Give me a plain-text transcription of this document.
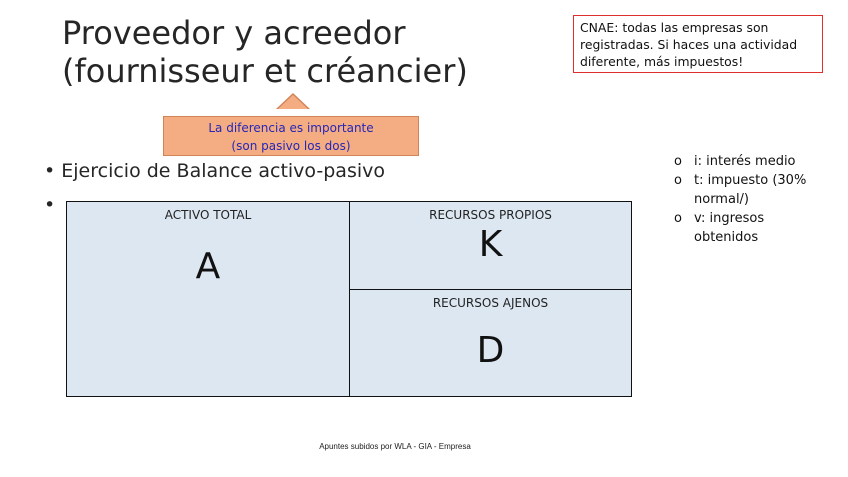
Proveedor y acreedor
(fournisseur et créancier)
CNAE: todas las empresas son
registradas. Si haces una actividad
diferente, más impuestos!
La diferencia es importante
(son pasivo los dos)
• Ejercicio de Balance activo-pasivo
•
o i: interés medio
o t: impuesto (30% normal/)
o v: ingresos obtenidos
ACTIVO TOTAL
A
RECURSOS PROPIOS
K
RECURSOS AJENOS
D
Apuntes subidos por WLA - GIA - Empresa
